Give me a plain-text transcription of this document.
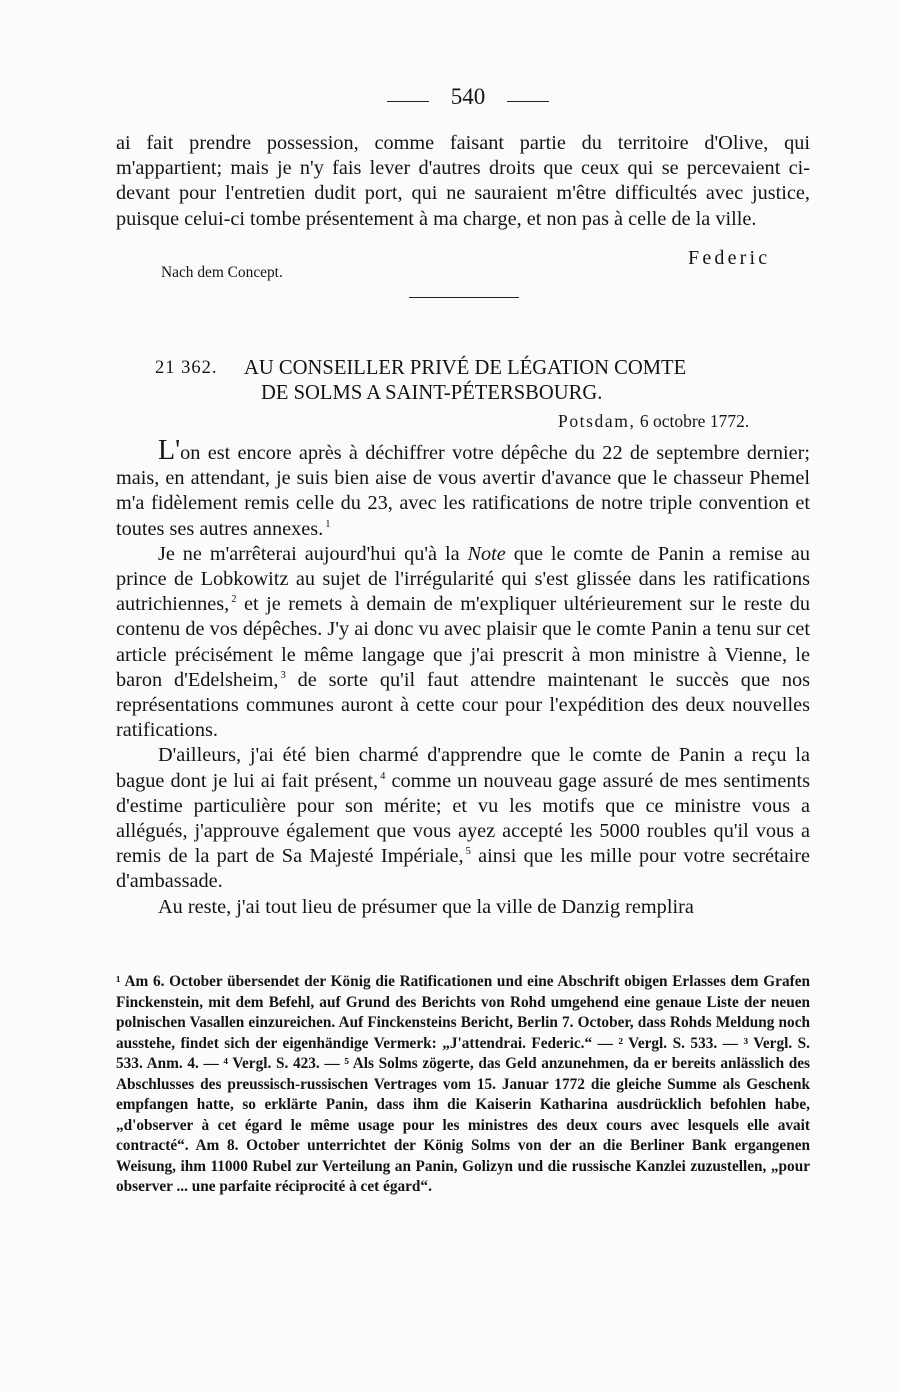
540

ai fait prendre possession, comme faisant partie du territoire d'Olive, qui m'appartient; mais je n'y fais lever d'autres droits que ceux qui se percevaient ci-devant pour l'entretien dudit port, qui ne sauraient m'être difficultés avec justice, puisque celui-ci tombe présentement à ma charge, et non pas à celle de la ville.

Federic
Nach dem Concept.
21 362. AU CONSEILLER PRIVÉ DE LÉGATION COMTE
DE SOLMS A SAINT-PÉTERSBOURG.
Potsdam, 6 octobre 1772.

L'on est encore après à déchiffrer votre dépêche du 22 de septembre dernier; mais, en attendant, je suis bien aise de vous avertir d'avance que le chasseur Phemel m'a fidèlement remis celle du 23, avec les ratifications de notre triple convention et toutes ses autres annexes. $^1$

Je ne m'arrêterai aujourd'hui qu'à la Note que le comte de Panin a remise au prince de Lobkowitz au sujet de l'irrégularité qui s'est glissée dans les ratifications autrichiennes, $^2$ et je remets à demain de m'expliquer ultérieurement sur le reste du contenu de vos dépêches. J'y ai donc vu avec plaisir que le comte Panin a tenu sur cet article précisément le même langage que j'ai prescrit à mon ministre à Vienne, le baron d'Edelsheim, $^3$ de sorte qu'il faut attendre maintenant le succès que nos représentations communes auront à cette cour pour l'expédition des deux nouvelles ratifications.

D'ailleurs, j'ai été bien charmé d'apprendre que le comte de Panin a reçu la bague dont je lui ai fait présent, $^4$ comme un nouveau gage assuré de mes sentiments d'estime particulière pour son mérite; et vu les motifs que ce ministre vous a allégués, j'approuve également que vous ayez accepté les 5000 roubles qu'il vous a remis de la part de Sa Majesté Impériale, $^5$ ainsi que les mille pour votre secrétaire d'ambassade.

Au reste, j'ai tout lieu de présumer que la ville de Danzig remplira

¹ Am 6. October übersendet der König die Ratificationen und eine Abschrift obigen Erlasses dem Grafen Finckenstein, mit dem Befehl, auf Grund des Berichts von Rohd umgehend eine genaue Liste der neuen polnischen Vasallen einzureichen. Auf Finckensteins Bericht, Berlin 7. October, dass Rohds Meldung noch ausstehe, findet sich der eigenhändige Vermerk: „J'attendrai. Federic.“ — ² Vergl. S. 533. — ³ Vergl. S. 533. Anm. 4. — ⁴ Vergl. S. 423. — ⁵ Als Solms zögerte, das Geld anzunehmen, da er bereits anlässlich des Abschlusses des preussisch-russischen Vertrages vom 15. Januar 1772 die gleiche Summe als Geschenk empfangen hatte, so erklärte Panin, dass ihm die Kaiserin Katharina ausdrücklich befohlen habe, „d'observer à cet égard le même usage pour les ministres des deux cours avec lesquels elle avait contracté“. Am 8. October unterrichtet der König Solms von der an die Berliner Bank ergangenen Weisung, ihm 11000 Rubel zur Verteilung an Panin, Golizyn und die russische Kanzlei zuzustellen, „pour observer ... une parfaite réciprocité à cet égard“.
